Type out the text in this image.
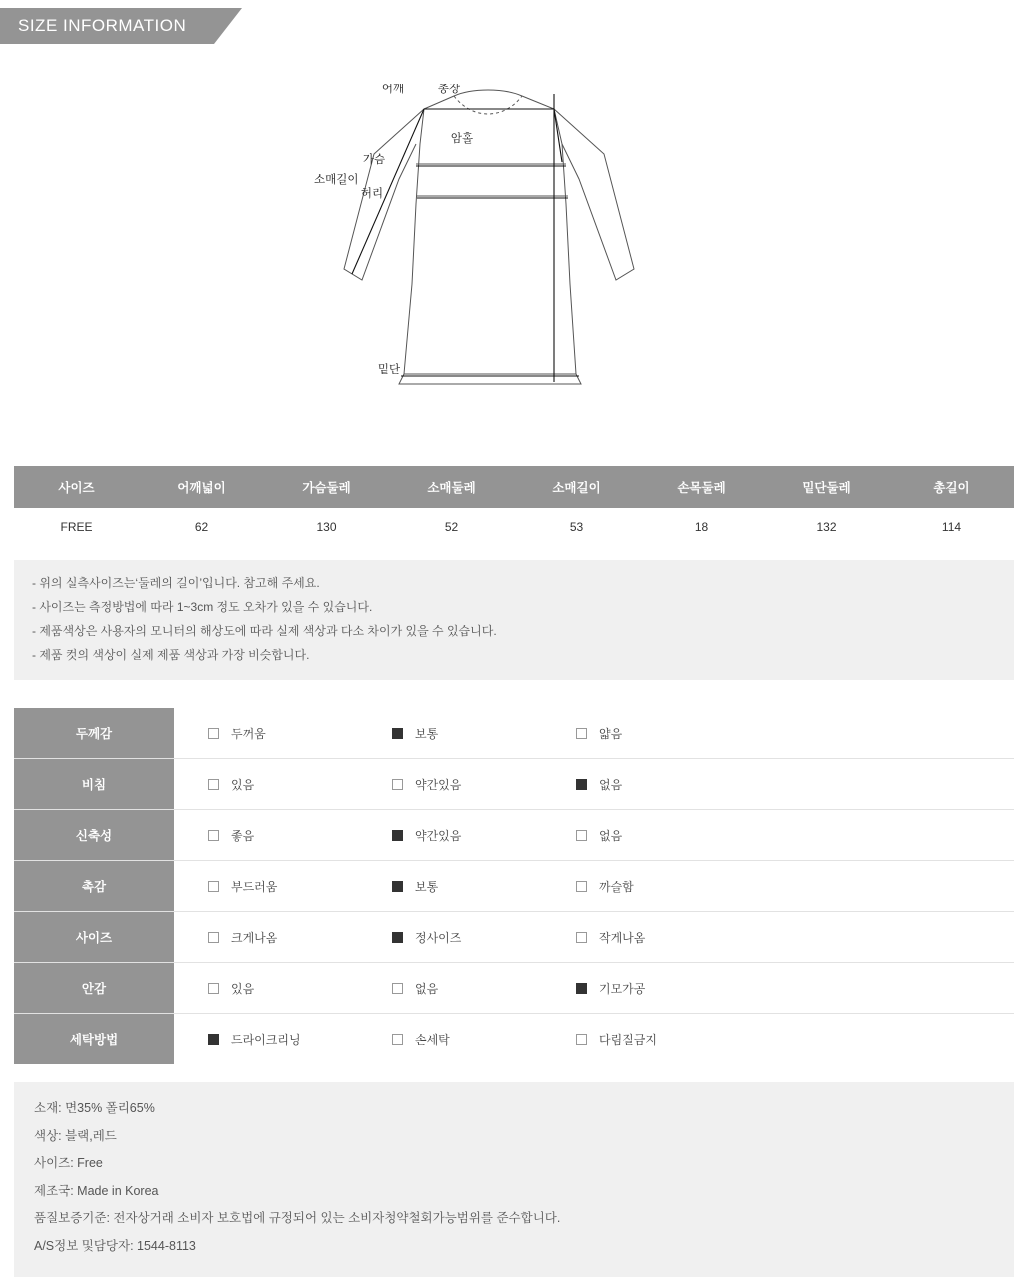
SIZE INFORMATION
어깨	총장
암홀
가슴
소매길이
허리
밑단
사이즈	어깨넓이	가슴둘레	소매둘레	소매길이	손목둘레	밑단둘레	총길이
FREE	62	130	52	53	18	132	114

- 위의 실측사이즈는‘둘레의 길이’입니다. 참고해 주세요.

- 사이즈는 측정방법에 따라 1~3cm 정도 오차가 있을 수 있습니다.

- 제품색상은 사용자의 모니터의 해상도에 따라 실제 색상과 다소 차이가 있을 수 있습니다.

- 제품 컷의 색상이 실제 제품 색상과 가장 비슷합니다.

두께감	두꺼움 보통 얇음

비침	있음 약간있음 없음

신축성	좋음 약간있음 없음

촉감	부드러움 보통 까슬함

사이즈	크게나옴 정사이즈 작게나옴

안감	있음 없음 기모가공

세탁방법	드라이크리닝 손세탁 다림질금지

소재: 면35% 폴리65%

색상: 블랙,레드

사이즈: Free

제조국: Made in Korea

품질보증기준: 전자상거래 소비자 보호법에 규정되어 있는 소비자청약철회가능범위를 준수합니다.

A/S정보 및담당자: 1544-8113
